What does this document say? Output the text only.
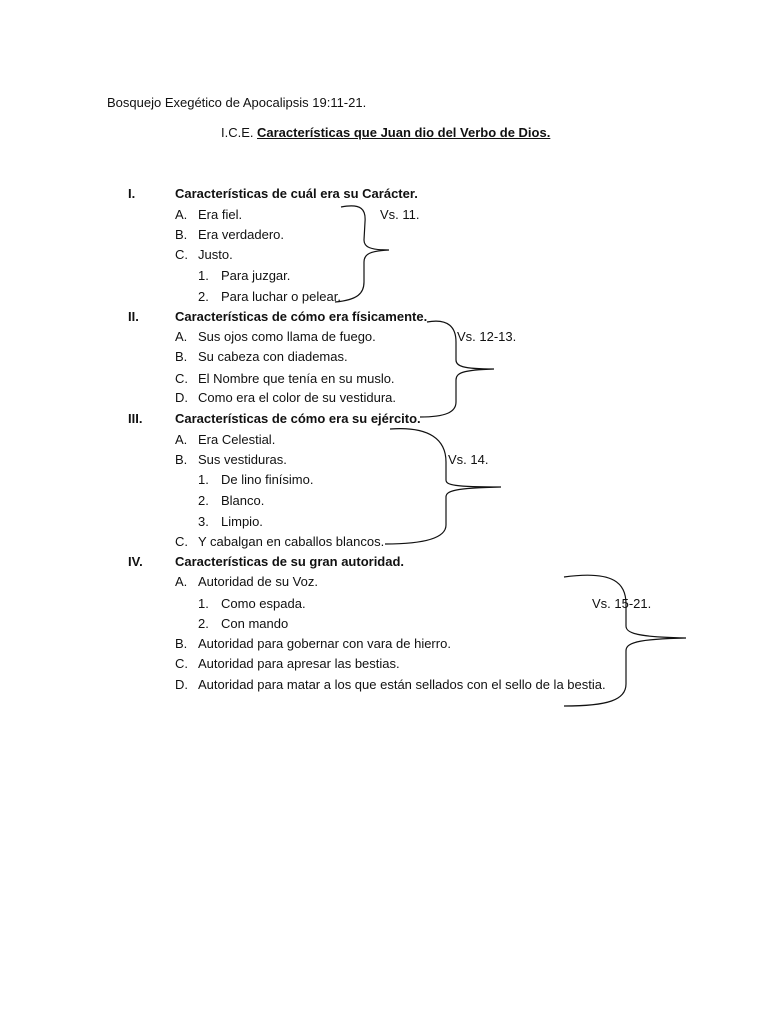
Bosquejo Exegético de Apocalipsis 19:11-21.
I.C.E. Características que Juan dio del Verbo de Dios.
I.	Características de cuál era su Carácter.
A. Era fiel.
B. Era verdadero.
C. Justo.
1. Para juzgar.
2. Para luchar o pelear.
Vs. 11.
II.	Características de cómo era físicamente.
A. Sus ojos como llama de fuego.
B. Su cabeza con diademas.
C. El Nombre que tenía en su muslo.
D. Como era el color de su vestidura.
Vs. 12-13.
III.	Características de cómo era su ejército.
A. Era Celestial.
B. Sus vestiduras.
1. De lino finísimo.
2. Blanco.
3. Limpio.
C. Y cabalgan en caballos blancos.
Vs. 14.
IV. Características de su gran autoridad.
A. Autoridad de su Voz.
1. Como espada.
2. Con mando
B. Autoridad para gobernar con vara de hierro.
C. Autoridad para apresar las bestias.
D. Autoridad para matar a los que están sellados con el sello de la bestia.
Vs. 15-21.
